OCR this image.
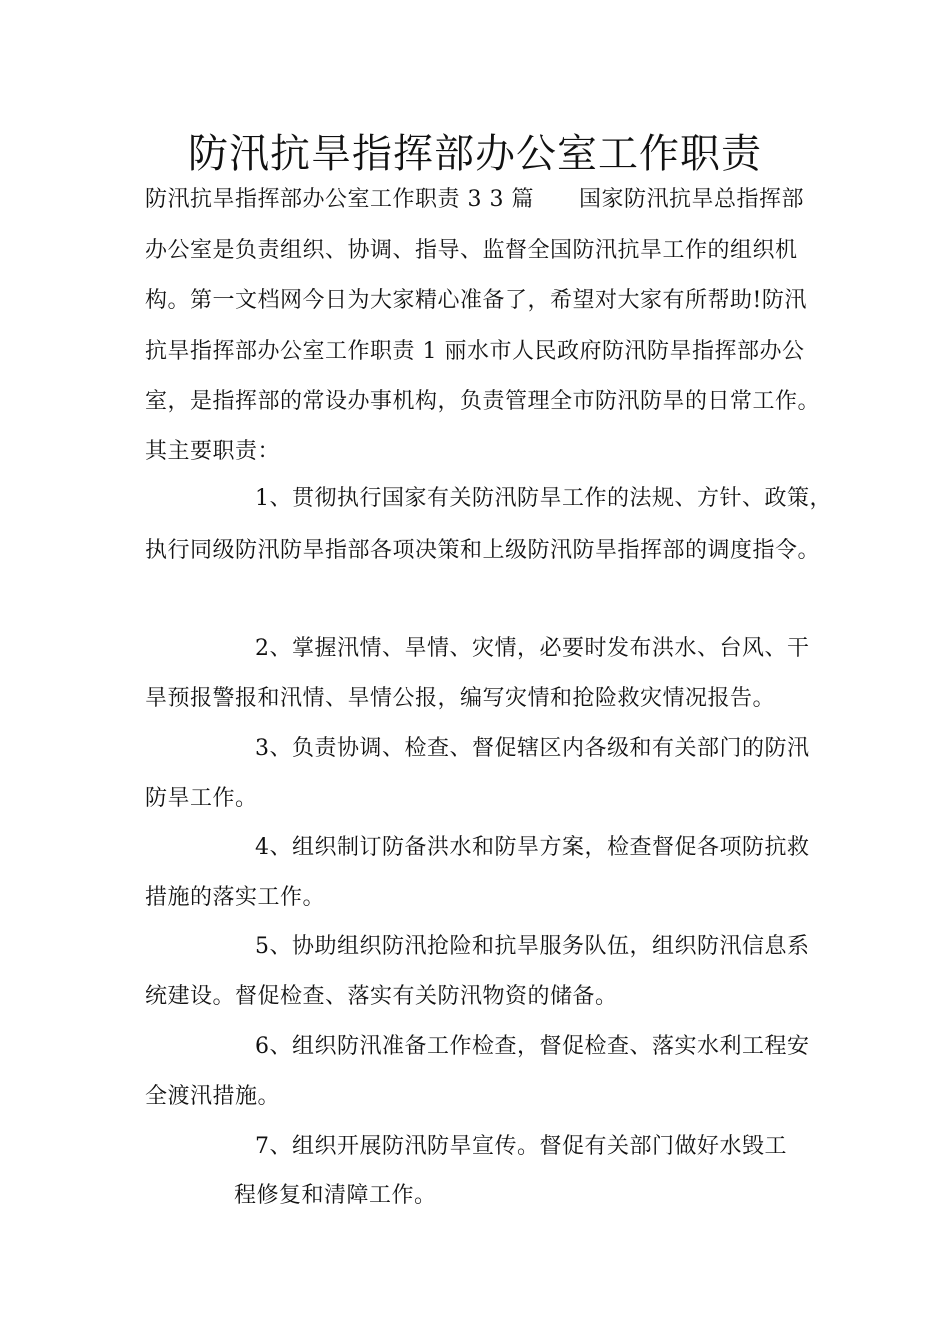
防汛抗旱指挥部办公室工作职责

防汛抗旱指挥部办公室工作职责 3 3 篇　　国家防汛抗旱总指挥部

办公室是负责组织、协调、指导、监督全国防汛抗旱工作的组织机

构。第一文档网今日为大家精心准备了，希望对大家有所帮助!防汛

抗旱指挥部办公室工作职责 1 丽水市人民政府防汛防旱指挥部办公

室，是指挥部的常设办事机构，负责管理全市防汛防旱的日常工作。

其主要职责：

1、贯彻执行国家有关防汛防旱工作的法规、方针、政策，

执行同级防汛防旱指部各项决策和上级防汛防旱指挥部的调度指令。

2、掌握汛情、旱情、灾情，必要时发布洪水、台风、干

旱预报警报和汛情、旱情公报，编写灾情和抢险救灾情况报告。

3、负责协调、检查、督促辖区内各级和有关部门的防汛

防旱工作。

4、组织制订防备洪水和防旱方案，检查督促各项防抗救

措施的落实工作。

5、协助组织防汛抢险和抗旱服务队伍，组织防汛信息系

统建设。督促检查、落实有关防汛物资的储备。

6、组织防汛准备工作检查，督促检查、落实水利工程安

全渡汛措施。

7、组织开展防汛防旱宣传。督促有关部门做好水毁工

程修复和清障工作。
